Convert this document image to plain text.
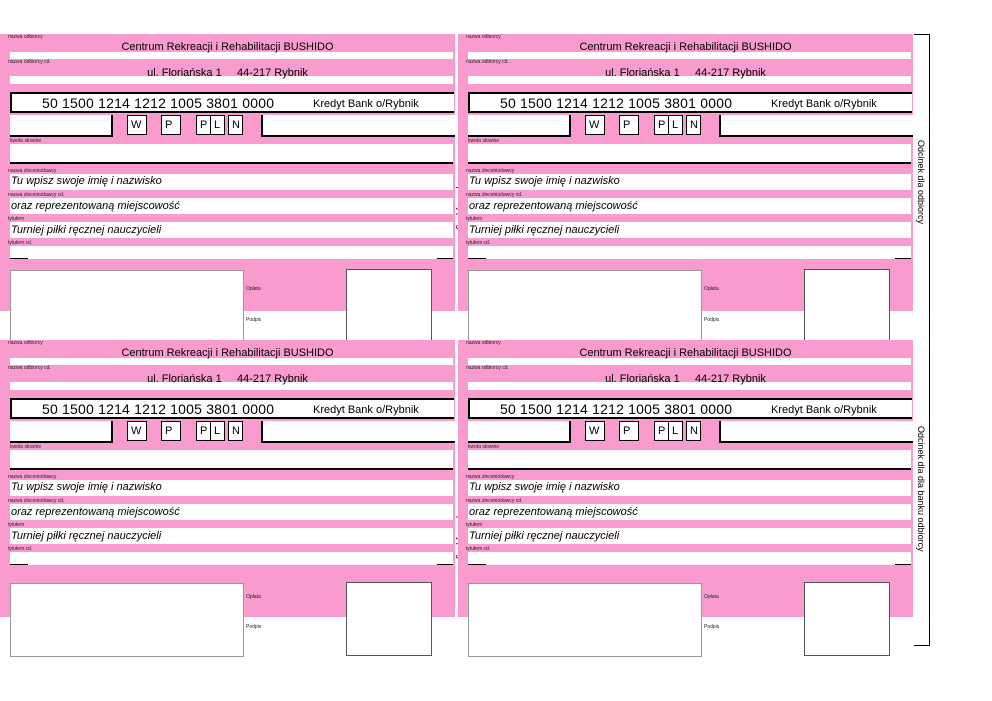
Odcinek dla odbiorcy
Odcinek dla dla banku odbiorcy
nazwa odbiorcy
Centrum Rekreacji i Rehabilitacji BUSHIDO
nazwa odbiorcy cd.
ul. Floriańska 1     44-217 Rybnik
50 1500 1214 1212 1005 3801 0000	Kredyt Bank o/Rybnik
W P	P L N
kwota słownie
nazwa zleceniodawcy
Tu wpisz swoje imię i nazwisko
nazwa zleceniodawcy cd.
oraz reprezentowaną miejscowość
tytułem
Turniej piłki ręcznej nauczycieli
tytułem cd.
Opłata
Podpis
nazwa odbiorcy
Centrum Rekreacji i Rehabilitacji BUSHIDO
nazwa odbiorcy cd.
ul. Floriańska 1     44-217 Rybnik
50 1500 1214 1212 1005 3801 0000	Kredyt Bank o/Rybnik
W P	P L N
kwota słownie
nazwa zleceniodawcy
Tu wpisz swoje imię i nazwisko
nazwa zleceniodawcy cd.
oraz reprezentowaną miejscowość
tytułem
Turniej piłki ręcznej nauczycieli
tytułem cd.
Opłata
Podpis
nazwa odbiorcy
Centrum Rekreacji i Rehabilitacji BUSHIDO
nazwa odbiorcy cd.
ul. Floriańska 1     44-217 Rybnik
50 1500 1214 1212 1005 3801 0000	Kredyt Bank o/Rybnik
W P	P L N
kwota słownie
nazwa zleceniodawcy
Tu wpisz swoje imię i nazwisko
nazwa zleceniodawcy cd.
oraz reprezentowaną miejscowość
tytułem
Turniej piłki ręcznej nauczycieli
tytułem cd.
Opłata
Podpis
nazwa odbiorcy
Centrum Rekreacji i Rehabilitacji BUSHIDO
nazwa odbiorcy cd.
ul. Floriańska 1     44-217 Rybnik
50 1500 1214 1212 1005 3801 0000	Kredyt Bank o/Rybnik
W P	P L N
kwota słownie
nazwa zleceniodawcy
Tu wpisz swoje imię i nazwisko
nazwa zleceniodawcy cd.
oraz reprezentowaną miejscowość
tytułem
Turniej piłki ręcznej nauczycieli
tytułem cd.
Opłata
Podpis
